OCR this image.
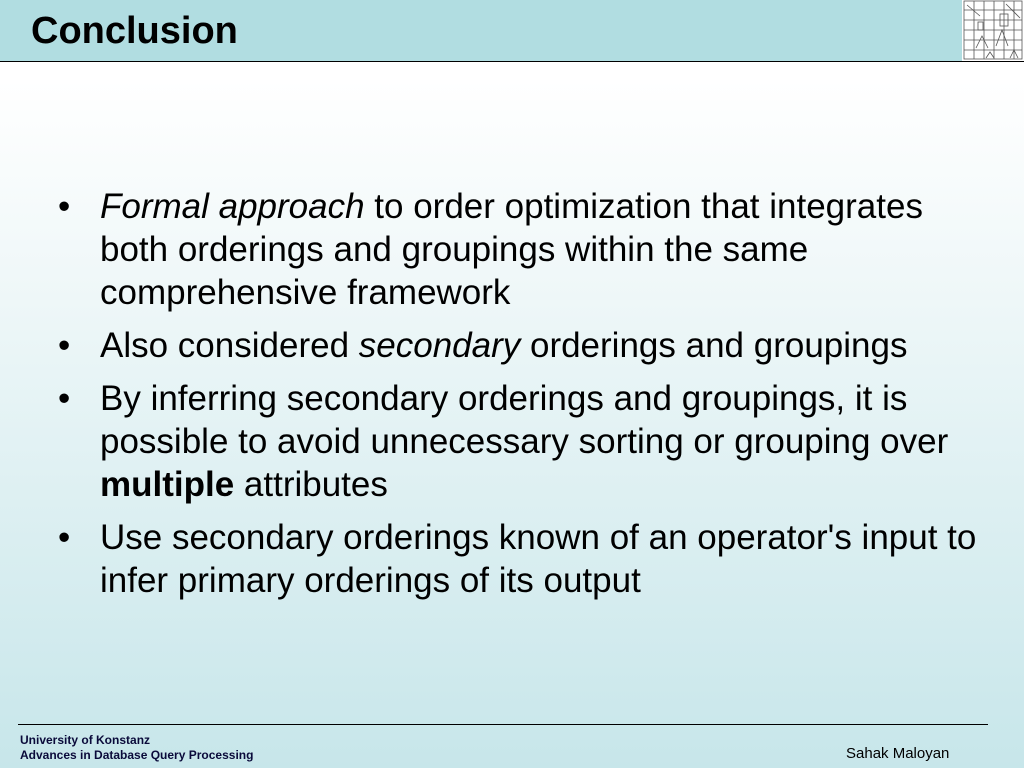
Conclusion
• Formal approach to order optimization that integrates both orderings and groupings within the same comprehensive framework
• Also considered secondary orderings and groupings
• By inferring secondary orderings and groupings, it is possible to avoid unnecessary sorting or grouping over multiple attributes
• Use secondary orderings known of an operator's input to infer primary orderings of its output
University of Konstanz
Advances in Database Query Processing	Sahak Maloyan
